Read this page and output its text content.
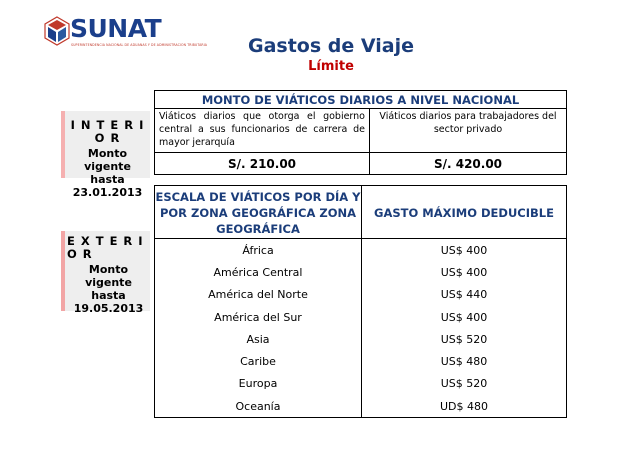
SUNAT
SUPERINTENDENCIA NACIONAL DE ADUANAS Y DE ADMINISTRACION TRIBUTARIA	Gastos de Viaje
Límite
I N T E R I O R
Monto vigente
hasta
23.01.2013
MONTO DE VIÁTICOS DIARIOS A NIVEL NACIONAL	
Viáticos diarios que otorga el gobierno central a sus funcionarios de carrera de mayor jerarquía	Viáticos diarios para trabajadores del sector privado
S/. 210.00	S/. 420.00
E X T E R I O R
Monto vigente
hasta
19.05.2013
ESCALA DE VIÁTICOS POR DÍA Y POR ZONA GEOGRÁFICA ZONA GEOGRÁFICA	GASTO MÁXIMO DEDUCIBLE
África	US$ 400
América Central	US$ 400
América del Norte	US$ 440
América del Sur	US$ 400
Asia	US$ 520
Caribe	US$ 480
Europa	US$ 520
Oceanía	UD$ 480
